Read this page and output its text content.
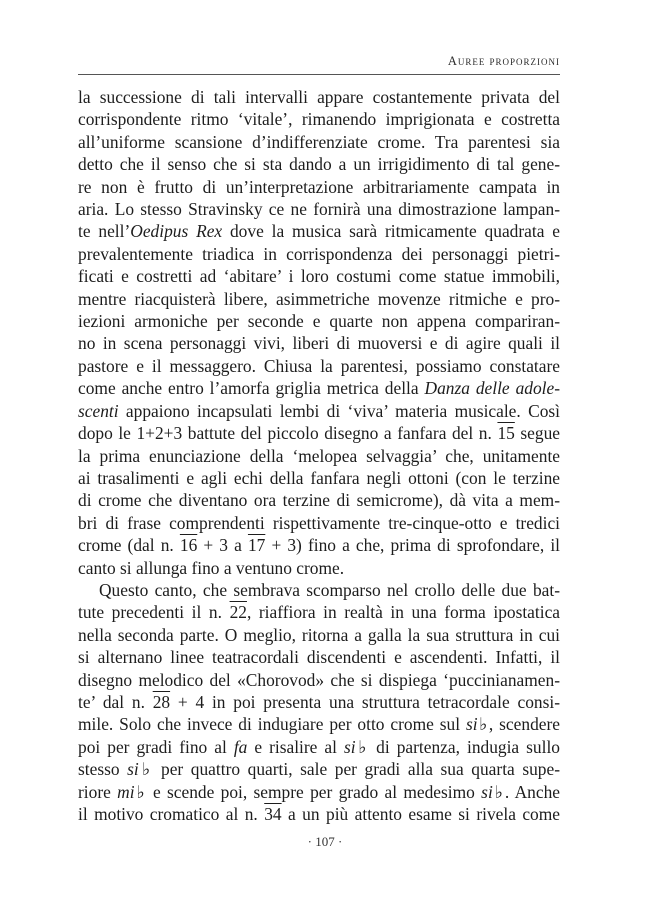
Auree proporzioni
la successione di tali intervalli appare costantemente privata del
corrispondente ritmo ‘vitale’, rimanendo imprigionata e costretta
all’uniforme scansione d’indifferenziate crome. Tra parentesi sia
detto che il senso che si sta dando a un irrigidimento di tal gene-
re non è frutto di un’interpretazione arbitrariamente campata in
aria. Lo stesso Stravinsky ce ne fornirà una dimostrazione lampan-
te nell’Oedipus Rex dove la musica sarà ritmicamente quadrata e
prevalentemente triadica in corrispondenza dei personaggi pietri-
ficati e costretti ad ‘abitare’ i loro costumi come statue immobili,
mentre riacquisterà libere, asimmetriche movenze ritmiche e pro-
iezioni armoniche per seconde e quarte non appena compariran-
no in scena personaggi vivi, liberi di muoversi e di agire quali il
pastore e il messaggero. Chiusa la parentesi, possiamo constatare
come anche entro l’amorfa griglia metrica della Danza delle adole-
scenti appaiono incapsulati lembi di ‘viva’ materia musicale. Così
dopo le 1+2+3 battute del piccolo disegno a fanfara del n. 15 segue
la prima enunciazione della ‘melopea selvaggia’ che, unitamente
ai trasalimenti e agli echi della fanfara negli ottoni (con le terzine
di crome che diventano ora terzine di semicrome), dà vita a mem-
bri di frase comprendenti rispettivamente tre-cinque-otto e tredici
crome (dal n. 16 + 3 a 17 + 3) fino a che, prima di sprofondare, il
canto si allunga fino a ventuno crome.
Questo canto, che sembrava scomparso nel crollo delle due bat-
tute precedenti il n. 22, riaffiora in realtà in una forma ipostatica
nella seconda parte. O meglio, ritorna a galla la sua struttura in cui
si alternano linee teatracordali discendenti e ascendenti. Infatti, il
disegno melodico del «Chorovod» che si dispiega ‘puccinianamen-
te’ dal n. 28 + 4 in poi presenta una struttura tetracordale consi-
mile. Solo che invece di indugiare per otto crome sul si♭, scendere
poi per gradi fino al fa e risalire al si♭ di partenza, indugia sullo
stesso si♭ per quattro quarti, sale per gradi alla sua quarta supe-
riore mi♭ e scende poi, sempre per grado al medesimo si♭. Anche
il motivo cromatico al n. 34 a un più attento esame si rivela come
· 107 ·
